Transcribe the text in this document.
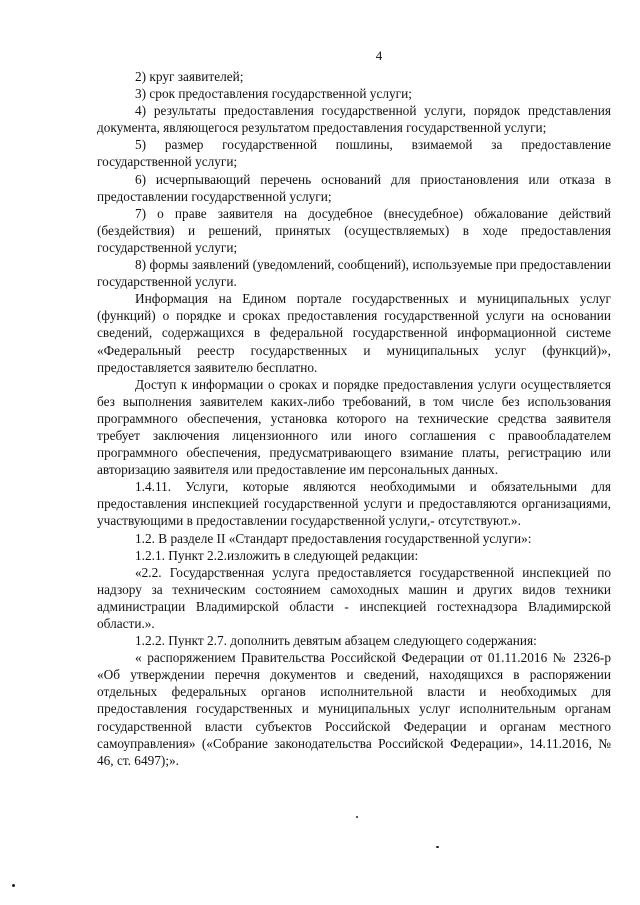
4

2) круг заявителей;

3) срок предоставления государственной услуги;

4) результаты предоставления государственной услуги, порядок представления документа, являющегося результатом предоставления государственной услуги;

5) размер государственной пошлины, взимаемой за предоставление государственной услуги;

6) исчерпывающий перечень оснований для приостановления или отказа в предоставлении государственной услуги;

7) о праве заявителя на досудебное (внесудебное) обжалование действий (бездействия) и решений, принятых (осуществляемых) в ходе предоставления государственной услуги;

8) формы заявлений (уведомлений, сообщений), используемые при предоставлении государственной услуги.

Информация на Едином портале государственных и муниципальных услуг (функций) о порядке и сроках предоставления государственной услуги на основании сведений, содержащихся в федеральной государственной информационной системе «Федеральный реестр государственных и муниципальных услуг (функций)», предоставляется заявителю бесплатно.

Доступ к информации о сроках и порядке предоставления услуги осуществляется без выполнения заявителем каких-либо требований, в том числе без использования программного обеспечения, установка которого на технические средства заявителя требует заключения лицензионного или иного соглашения с правообладателем программного обеспечения, предусматривающего взимание платы, регистрацию или авторизацию заявителя или предоставление им персональных данных.

1.4.11. Услуги, которые являются необходимыми и обязательными для предоставления инспекцией государственной услуги и предоставляются организациями, участвующими в предоставлении государственной услуги,- отсутствуют.».

1.2. В разделе II «Стандарт предоставления государственной услуги»:

1.2.1. Пункт 2.2.изложить в следующей редакции:

«2.2. Государственная услуга предоставляется государственной инспекцией по надзору за техническим состоянием самоходных машин и других видов техники администрации Владимирской области - инспекцией гостехнадзора Владимирской области.».

1.2.2. Пункт 2.7. дополнить девятым абзацем следующего содержания:

« распоряжением Правительства Российской Федерации от 01.11.2016 № 2326-р «Об утверждении перечня документов и сведений, находящихся в распоряжении отдельных федеральных органов исполнительной власти и необходимых для предоставления государственных и муниципальных услуг исполнительным органам государственной власти субъектов Российской Федерации и органам местного самоуправления» («Собрание законодательства Российской Федерации», 14.11.2016, № 46, ст. 6497);».
